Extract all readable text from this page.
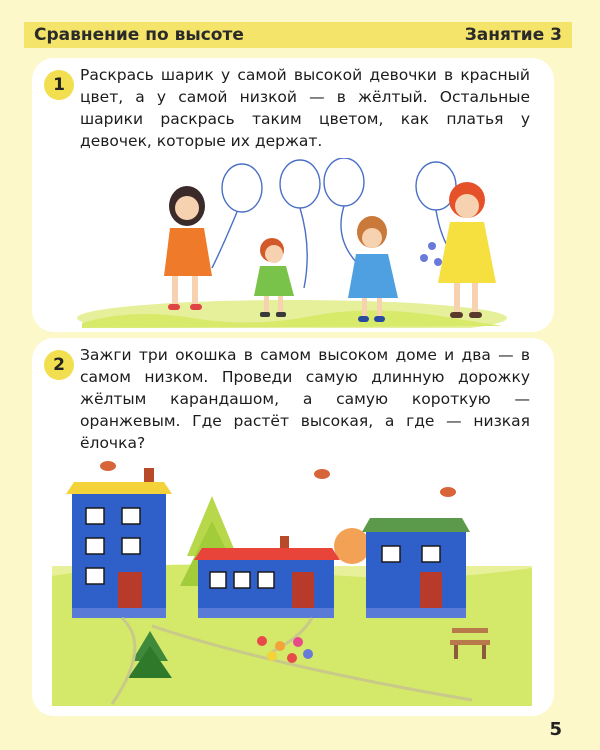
Сравнение по высоте	Занятие 3
1 Раскрась шарик у самой высокой девочки в красный цвет, а у самой низкой — в жёлтый. Остальные шарики раскрась таким цветом, как платья у девочек, которые их держат.
2 Зажги три окошка в самом высоком доме и два — в самом низком. Проведи самую длинную дорожку жёлтым карандашом, а самую короткую — оранжевым. Где растёт высокая, а где — низкая ёлочка?
5
